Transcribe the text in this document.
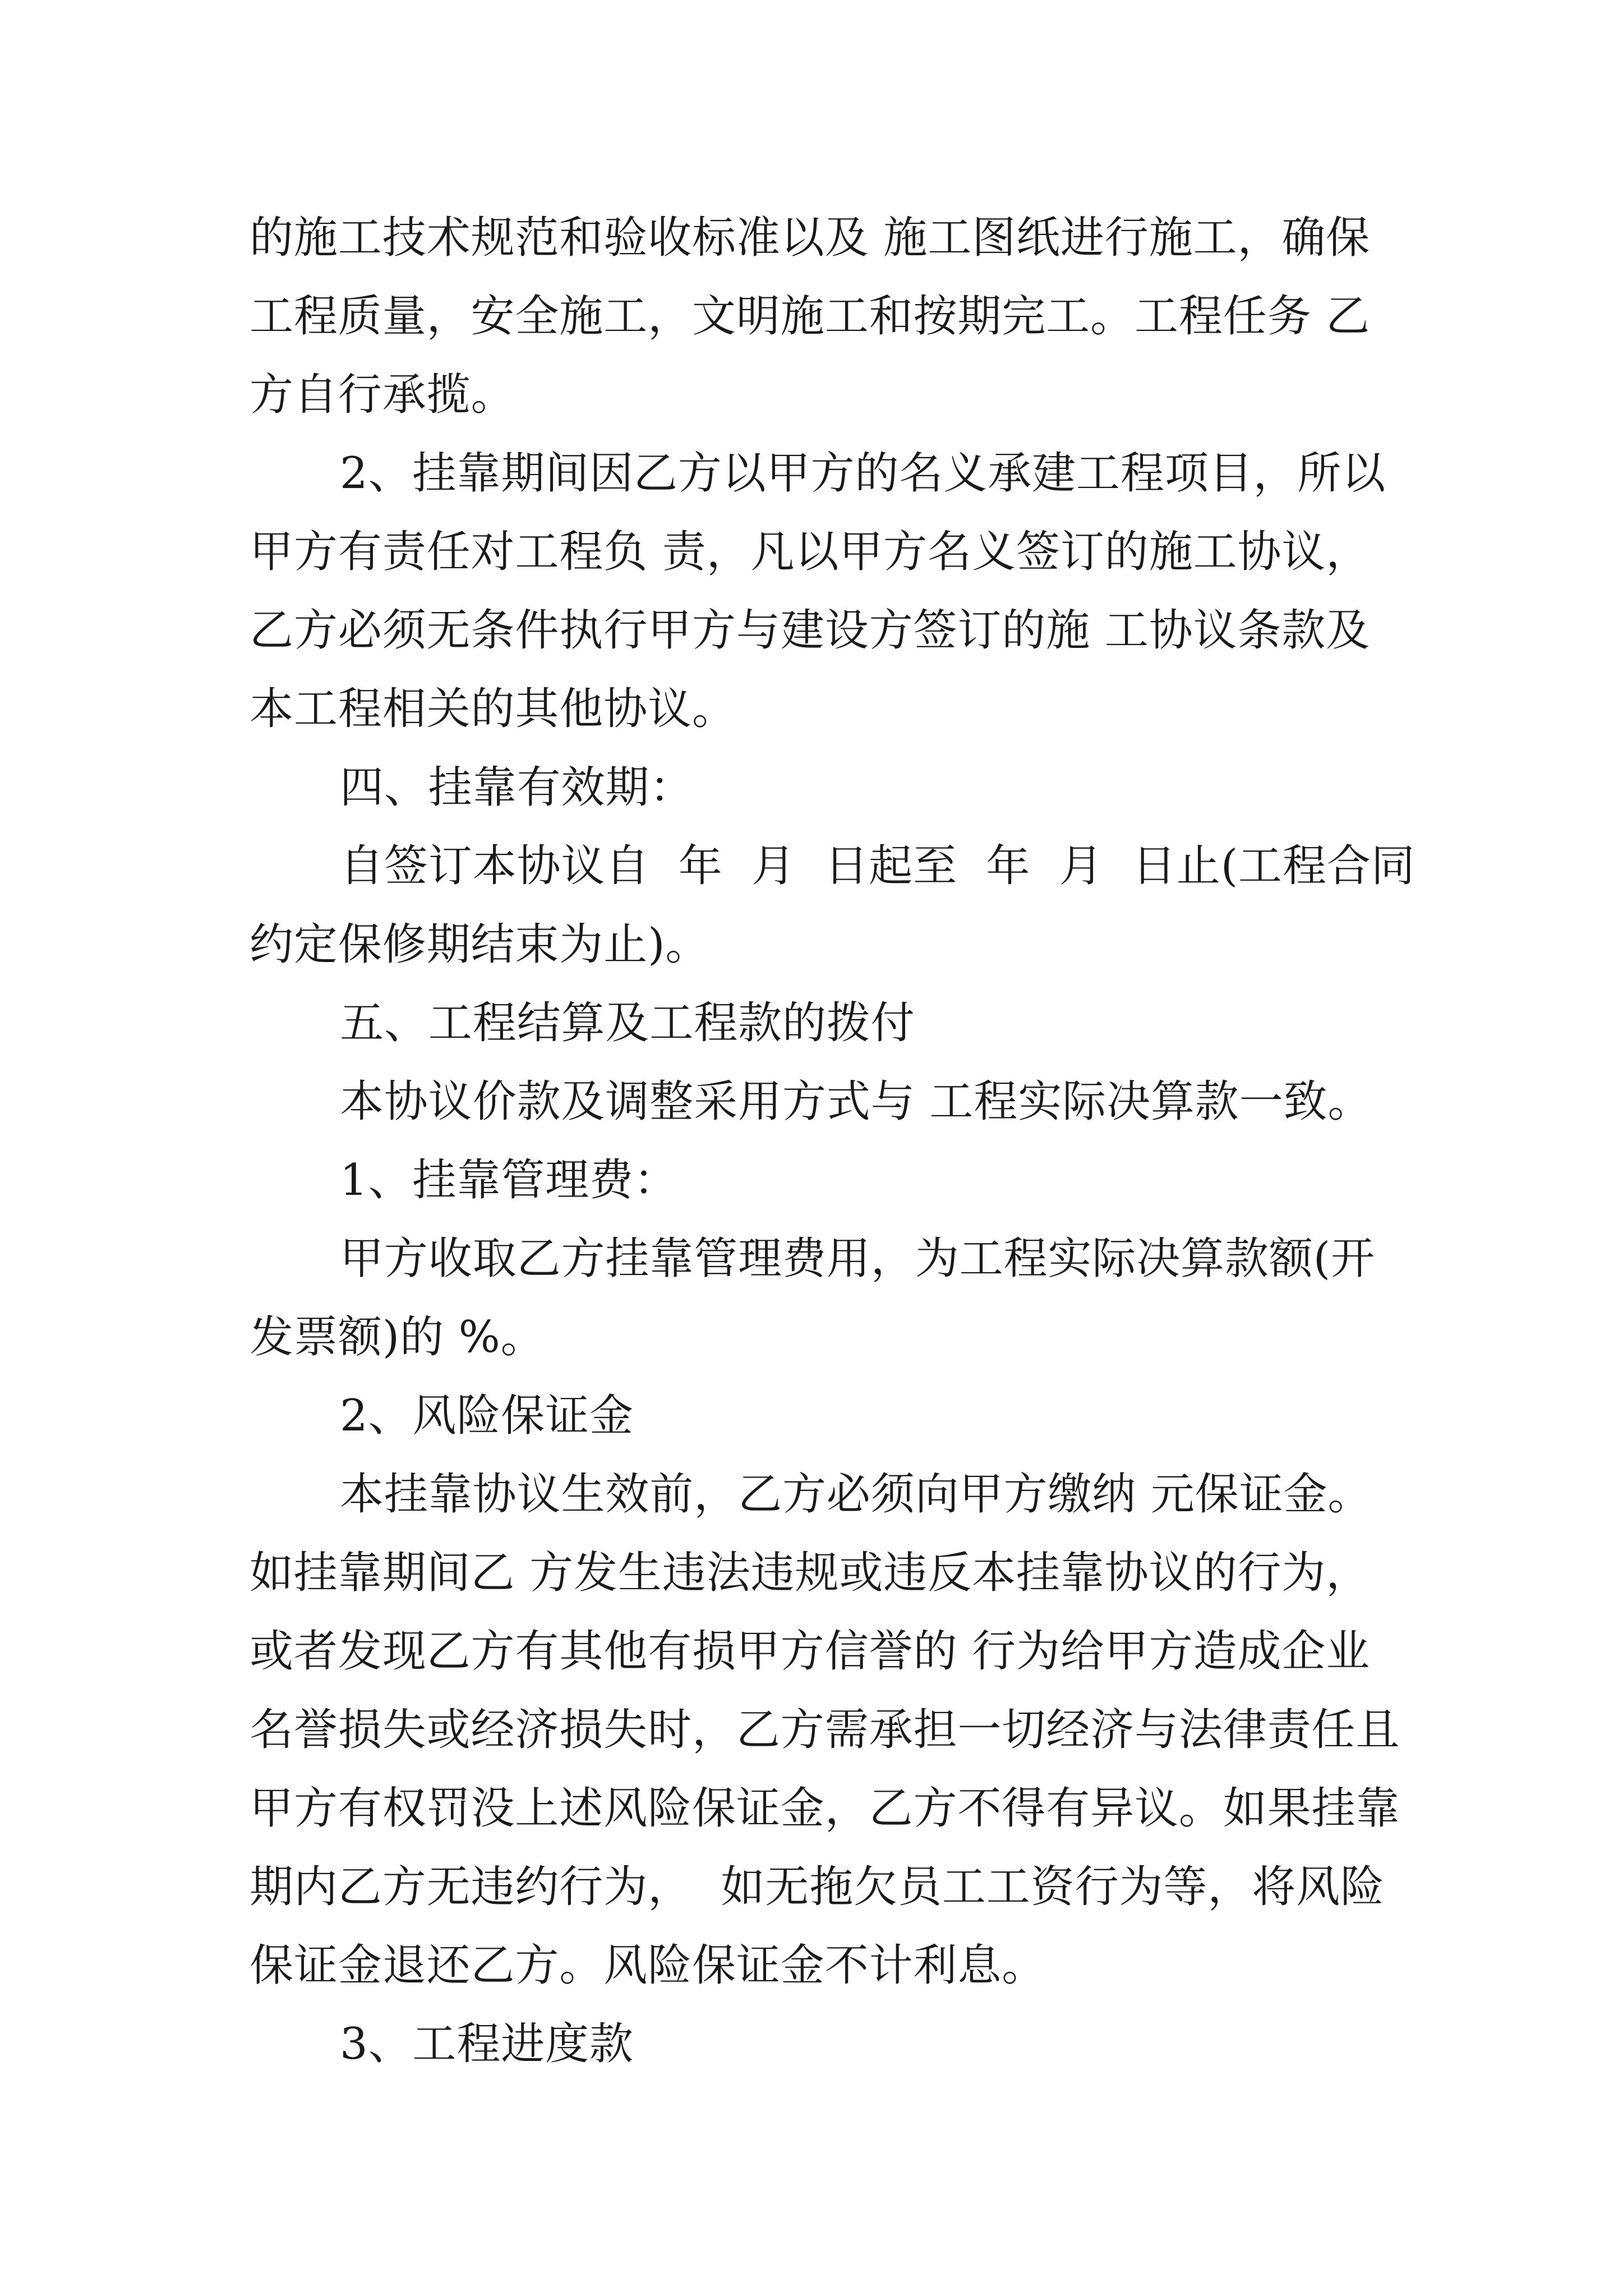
的施工技术规范和验收标准以及 施工图纸进行施工，确保
工程质量，安全施工，文明施工和按期完工。工程任务 乙
方自行承揽。
2、挂靠期间因乙方以甲方的名义承建工程项目，所以
甲方有责任对工程负 责，凡以甲方名义签订的施工协议，
乙方必须无条件执行甲方与建设方签订的施 工协议条款及
本工程相关的其他协议。
四、挂靠有效期：
自签订本协议自  年  月  日起至  年  月  日止(工程合同
约定保修期结束为止)。
五、工程结算及工程款的拨付
本协议价款及调整采用方式与 工程实际决算款一致。
1、挂靠管理费：
甲方收取乙方挂靠管理费用，为工程实际决算款额(开
发票额)的 %。
2、风险保证金
本挂靠协议生效前，乙方必须向甲方缴纳 元保证金。
如挂靠期间乙 方发生违法违规或违反本挂靠协议的行为，
或者发现乙方有其他有损甲方信誉的 行为给甲方造成企业
名誉损失或经济损失时，乙方需承担一切经济与法律责任且
甲方有权罚没上述风险保证金，乙方不得有异议。如果挂靠
期内乙方无违约行为，  如无拖欠员工工资行为等，将风险
保证金退还乙方。风险保证金不计利息。
3、工程进度款
